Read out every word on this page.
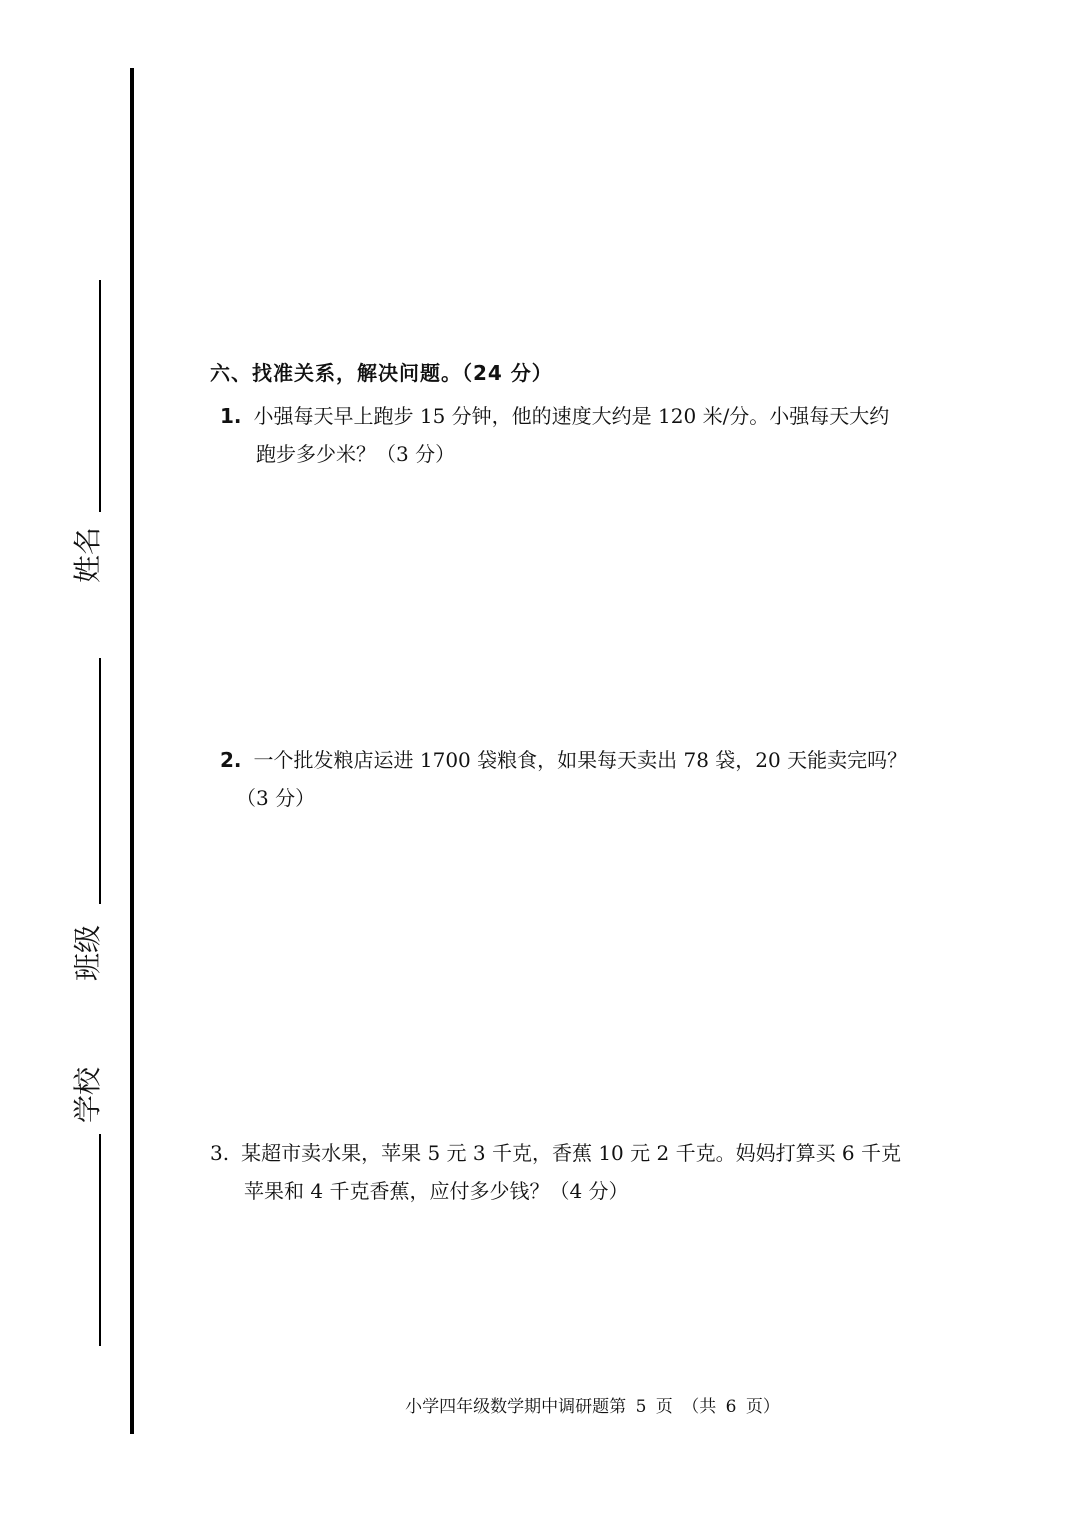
姓名
班级
学校
六、找准关系，解决问题。（24 分）
1. 小强每天早上跑步 15 分钟，他的速度大约是 120 米/分。小强每天大约
跑步多少米？（3 分）
2. 一个批发粮店运进 1700 袋粮食，如果每天卖出 78 袋，20 天能卖完吗？
（3 分）
3. 某超市卖水果，苹果 5 元 3 千克，香蕉 10 元 2 千克。妈妈打算买 6 千克
苹果和 4 千克香蕉，应付多少钱？（4 分）
小学四年级数学期中调研题第 5 页 （共 6 页）
